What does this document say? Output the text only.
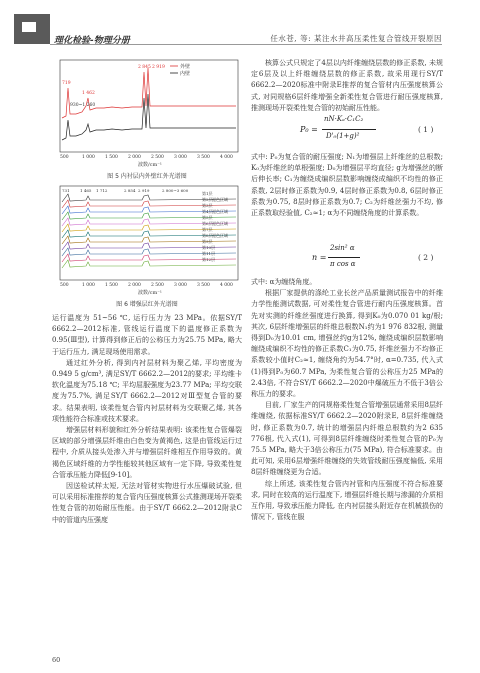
理化检验-物理分册	任水苍, 等: 某注水井高压柔性复合管线开裂原因
外壁
内壁
2 845 2 919
1 462
719
930~1 260
500	1 000 1 500 2 000 2 500 3 000 3 500 4 000
波数/cm⁻¹
图 5 内衬层内外壁红外光谱图
第1层
第2层 褪色区域
第3层
第4层 褪色区域
第5层
第6层 褪色区域
第7层
第8层 褪色区域
第9层
第10层
第11层
第12层
731	1 465	2 800~3 600
2 919
2 854
1 712
500	1 000 1 500 2 000 2 500 3 000 3 500 4 000
波数/cm⁻¹
图 6 增强层红外光谱图

运行温度为 51~56 ℃, 运行压力为 23 MPa。依据SY/T 6662.2—2012标准, 管线运行温度下的温度修正系数为0.95(Ⅲ型), 计算得到修正后的公称压力为25.75 MPa, 略大于运行压力, 满足现场使用需求。

通过红外分析, 得到内衬层材料为聚乙烯, 平均密度为0.949 5 g/cm³, 满足SY/T 6662.2—2012的要求; 平均维卡软化温度为75.18 ℃; 平均屈服强度为23.77 MPa; 平均交联度为75.7%, 满足SY/T 6662.2—2012对Ⅲ型复合管的要求。结果表明, 该柔性复合管内衬层材料为交联聚乙烯, 其各项性能符合标准或技术要求。

增强层材料形貌和红外分析结果表明: 该柔性复合管爆裂区域的部分增强层纤维由白色变为黄褐色, 这是由管线运行过程中, 介质从接头处渗入并与增强层纤维相互作用导致的。黄褐色区域纤维的力学性能较其他区域有一定下降, 导致柔性复合管承压能力降低[9-10]。

因送检试样太短, 无法对管材实物进行水压爆破试验, 但可以采用标准推荐的复合管内压强度核算公式推测现场开裂柔性复合管的初始耐压性能。由于SY/T 6662.2—2012附录C中的管道内压强度

核算公式只规定了4层以内纤维缠绕层数的修正系数, 未规定6层及以上纤维缠绕层数的修正系数, 故采用现行SY/T 6662.2—2020标准中附录E推荐的复合管材内压强度核算公式, 对同规格6层纤维增强全新柔性复合管进行耐压强度核算, 推测现场开裂柔性复合管的初始耐压性能。

P₀ =
nN·Kₐ·C₁C₂
D'₀(1+g)²
( 1 )

式中: P₀为复合管的耐压强度; N₁为增强层上纤维丝的总根数; K₀为纤维丝的单根强度; D₀为增强层平均直径; g为增强丝的断后伸长率; C₁为缠绕成编织层数影响缠绕成编织不均性的修正系数, 2层时修正系数为0.9, 4层时修正系数为0.8, 6层时修正系数为0.75, 8层时修正系数为0.7; C₂为纤维丝强力不均, 修正系数取经验值, C₂≈1; α为不同缠绕角度的计算系数。

n =
2sin² α
π cos α
( 2 )

式中: α为缠绕角度。

根据厂家提供的涤纶工业长丝产品质量测试报告中的纤维力学性能测试数据, 可对柔性复合管进行耐内压强度核算。首先对实测的纤维丝强度进行换算, 得到K₀为0.070 01 kg/根; 其次, 6层纤维增强层的纤维总根数N₁约为1 976 832根, 测量得到D₀为10.01 cm, 增强丝约g为12%, 缠绕成编织层数影响缠绕成编织不均性的修正系数C₁为0.75, 纤维丝强力不均修正系数较小值时C₂≈1, 缠绕角约为54.7°时, α=0.735, 代入式(1)得到P₀为60.7 MPa, 为柔性复合管的公称压力25 MPa的2.43倍, 不符合SY/T 6662.2—2020中爆破压力不低于3倍公称压力的要求。

目前, 厂家生产的同规格柔性复合管增强层通常采用8层纤维缠绕, 依据标准SY/T 6662.2—2020附录E, 8层纤维缠绕时, 修正系数为0.7, 统计的增强层内纤维总根数约为2 635 776根, 代入式(1), 可得到8层纤维缠绕时柔性复合管的P₀为75.5 MPa, 略大于3倍公称压力(75 MPa), 符合标准要求。由此可知, 采用6层增强纤维缠绕的失效管线耐压强度偏低, 采用8层纤维缠绕更为合适。

综上所述, 该柔性复合管内衬管和内压强度不符合标准要求, 同时在较高的运行温度下, 增强层纤维长期与渗漏的介质相互作用, 导致承压能力降低, 在内衬层接头附近存在机械损伤的情况下, 管线在服

60
